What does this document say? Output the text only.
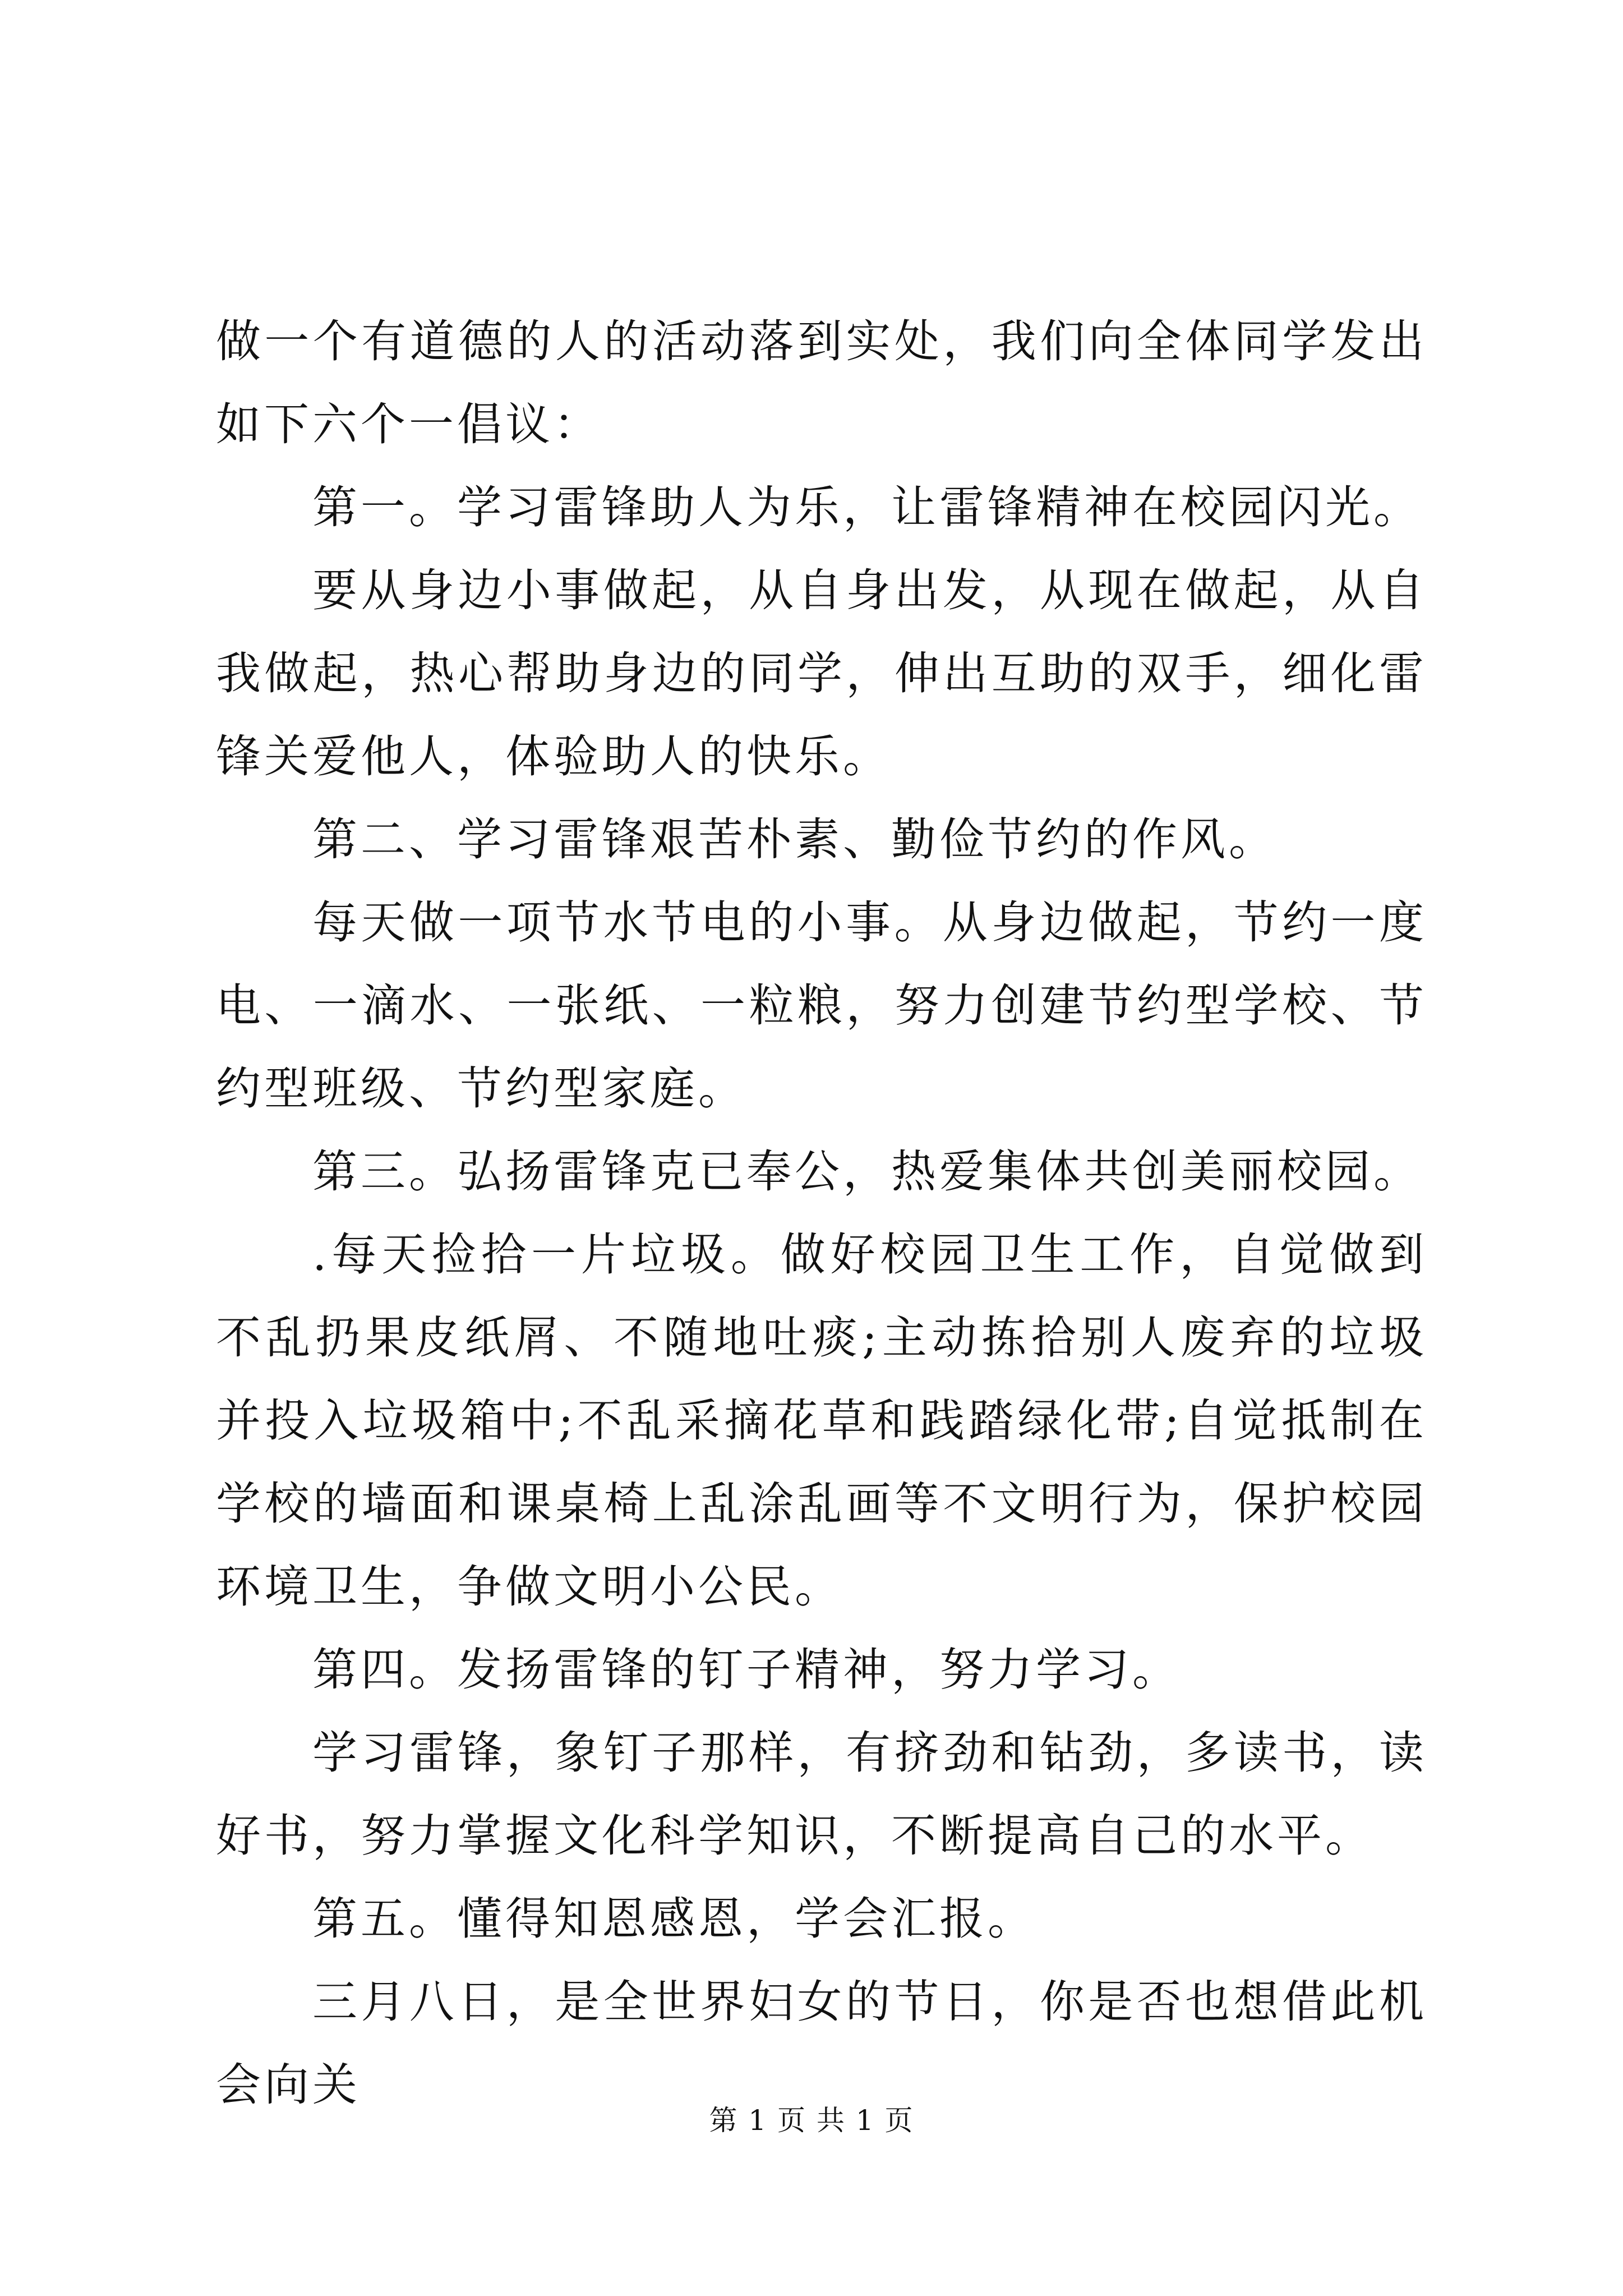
做一个有道德的人的活动落到实处，我们向全体同学发出如下六个一倡议：

第一。学习雷锋助人为乐，让雷锋精神在校园闪光。

要从身边小事做起，从自身出发，从现在做起，从自我做起，热心帮助身边的同学，伸出互助的双手，细化雷锋关爱他人，体验助人的快乐。

第二、学习雷锋艰苦朴素、勤俭节约的作风。

每天做一项节水节电的小事。从身边做起，节约一度电、一滴水、一张纸、一粒粮，努力创建节约型学校、节约型班级、节约型家庭。

第三。弘扬雷锋克已奉公，热爱集体共创美丽校园。

.每天捡拾一片垃圾。做好校园卫生工作，自觉做到不乱扔果皮纸屑、不随地吐痰;主动拣拾别人废弃的垃圾并投入垃圾箱中;不乱采摘花草和践踏绿化带;自觉抵制在学校的墙面和课桌椅上乱涂乱画等不文明行为，保护校园环境卫生，争做文明小公民。

第四。发扬雷锋的钉子精神，努力学习。

学习雷锋，象钉子那样，有挤劲和钻劲，多读书，读好书，努力掌握文化科学知识，不断提高自己的水平。

第五。懂得知恩感恩，学会汇报。

三月八日，是全世界妇女的节日，你是否也想借此机会向关

第 1 页 共 1 页
